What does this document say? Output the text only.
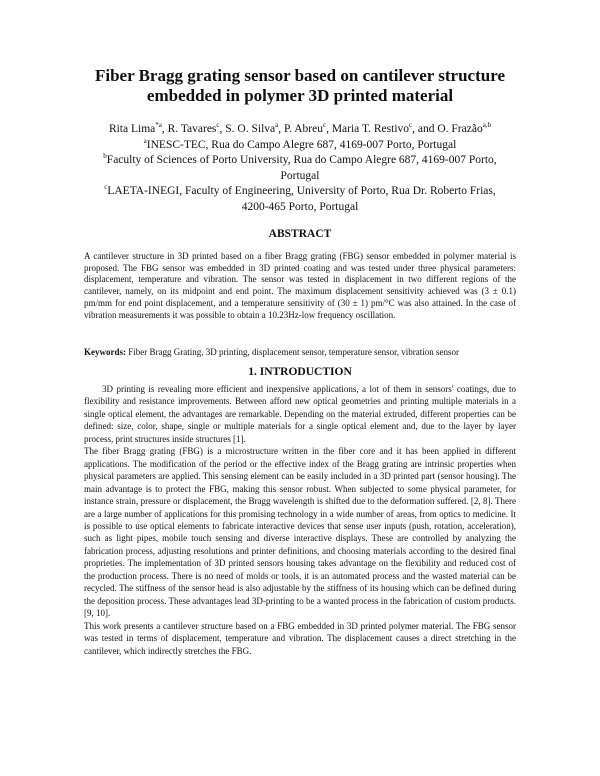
Fiber Bragg grating sensor based on cantilever structure
embedded in polymer 3D printed material

Rita Lima$^{*a}$, R. Tavares$^c$, S. O. Silva$^a$, P. Abreu$^c$, Maria T. Restivo$^c$, and O. Frazão$^{a,b}$

$^a$INESC-TEC, Rua do Campo Alegre 687, 4169-007 Porto, Portugal

$^b$Faculty of Sciences of Porto University, Rua do Campo Alegre 687, 4169-007 Porto,

Portugal

$^c$LAETA-INEGI, Faculty of Engineering, University of Porto, Rua Dr. Roberto Frias,

4200-465 Porto, Portugal

ABSTRACT
A cantilever structure in 3D printed based on a fiber Bragg grating (FBG) sensor embedded in polymer material is proposed. The FBG sensor was embedded in 3D printed coating and was tested under three physical parameters: displacement, temperature and vibration. The sensor was tested in displacement in two different regions of the cantilever, namely, on its midpoint and end point. The maximum displacement sensitivity achieved was (3 ± 0.1) pm/mm for end point displacement, and a temperature sensitivity of (30 ± 1) pm/°C was also attained. In the case of vibration measurements it was possible to obtain a 10.23Hz-low frequency oscillation.
Keywords: Fiber Bragg Grating, 3D printing, displacement sensor, temperature sensor, vibration sensor
1. INTRODUCTION

3D printing is revealing more efficient and inexpensive applications, a lot of them in sensors' coatings, due to flexibility and resistance improvements. Between afford new optical geometries and printing multiple materials in a single optical element, the advantages are remarkable. Depending on the material extruded, different properties can be defined: size, color, shape, single or multiple materials for a single optical element and, due to the layer by layer process, print structures inside structures [1].

The fiber Bragg grating (FBG) is a microstructure written in the fiber core and it has been applied in different applications. The modification of the period or the effective index of the Bragg grating are intrinsic properties when physical parameters are applied. This sensing element can be easily included in a 3D printed part (sensor housing). The main advantage is to protect the FBG, making this sensor robust. When subjected to some physical parameter, for instance strain, pressure or displacement, the Bragg wavelength is shifted due to the deformation suffered. [2, 8]. There are a large number of applications for this promising technology in a wide number of areas, from optics to medicine. It is possible to use optical elements to fabricate interactive devices that sense user inputs (push, rotation, acceleration), such as light pipes, mobile touch sensing and diverse interactive displays. These are controlled by analyzing the fabrication process, adjusting resolutions and printer definitions, and choosing materials according to the desired final proprieties. The implementation of 3D printed sensors housing takes advantage on the flexibility and reduced cost of the production process. There is no need of molds or tools, it is an automated process and the wasted material can be recycled. The stiffness of the sensor head is also adjustable by the stiffness of its housing which can be defined during the deposition process. These advantages lead 3D-printing to be a wanted process in the fabrication of custom products. [9, 10].

This work presents a cantilever structure based on a FBG embedded in 3D printed polymer material. The FBG sensor was tested in terms of displacement, temperature and vibration. The displacement causes a direct stretching in the cantilever, which indirectly stretches the FBG.
